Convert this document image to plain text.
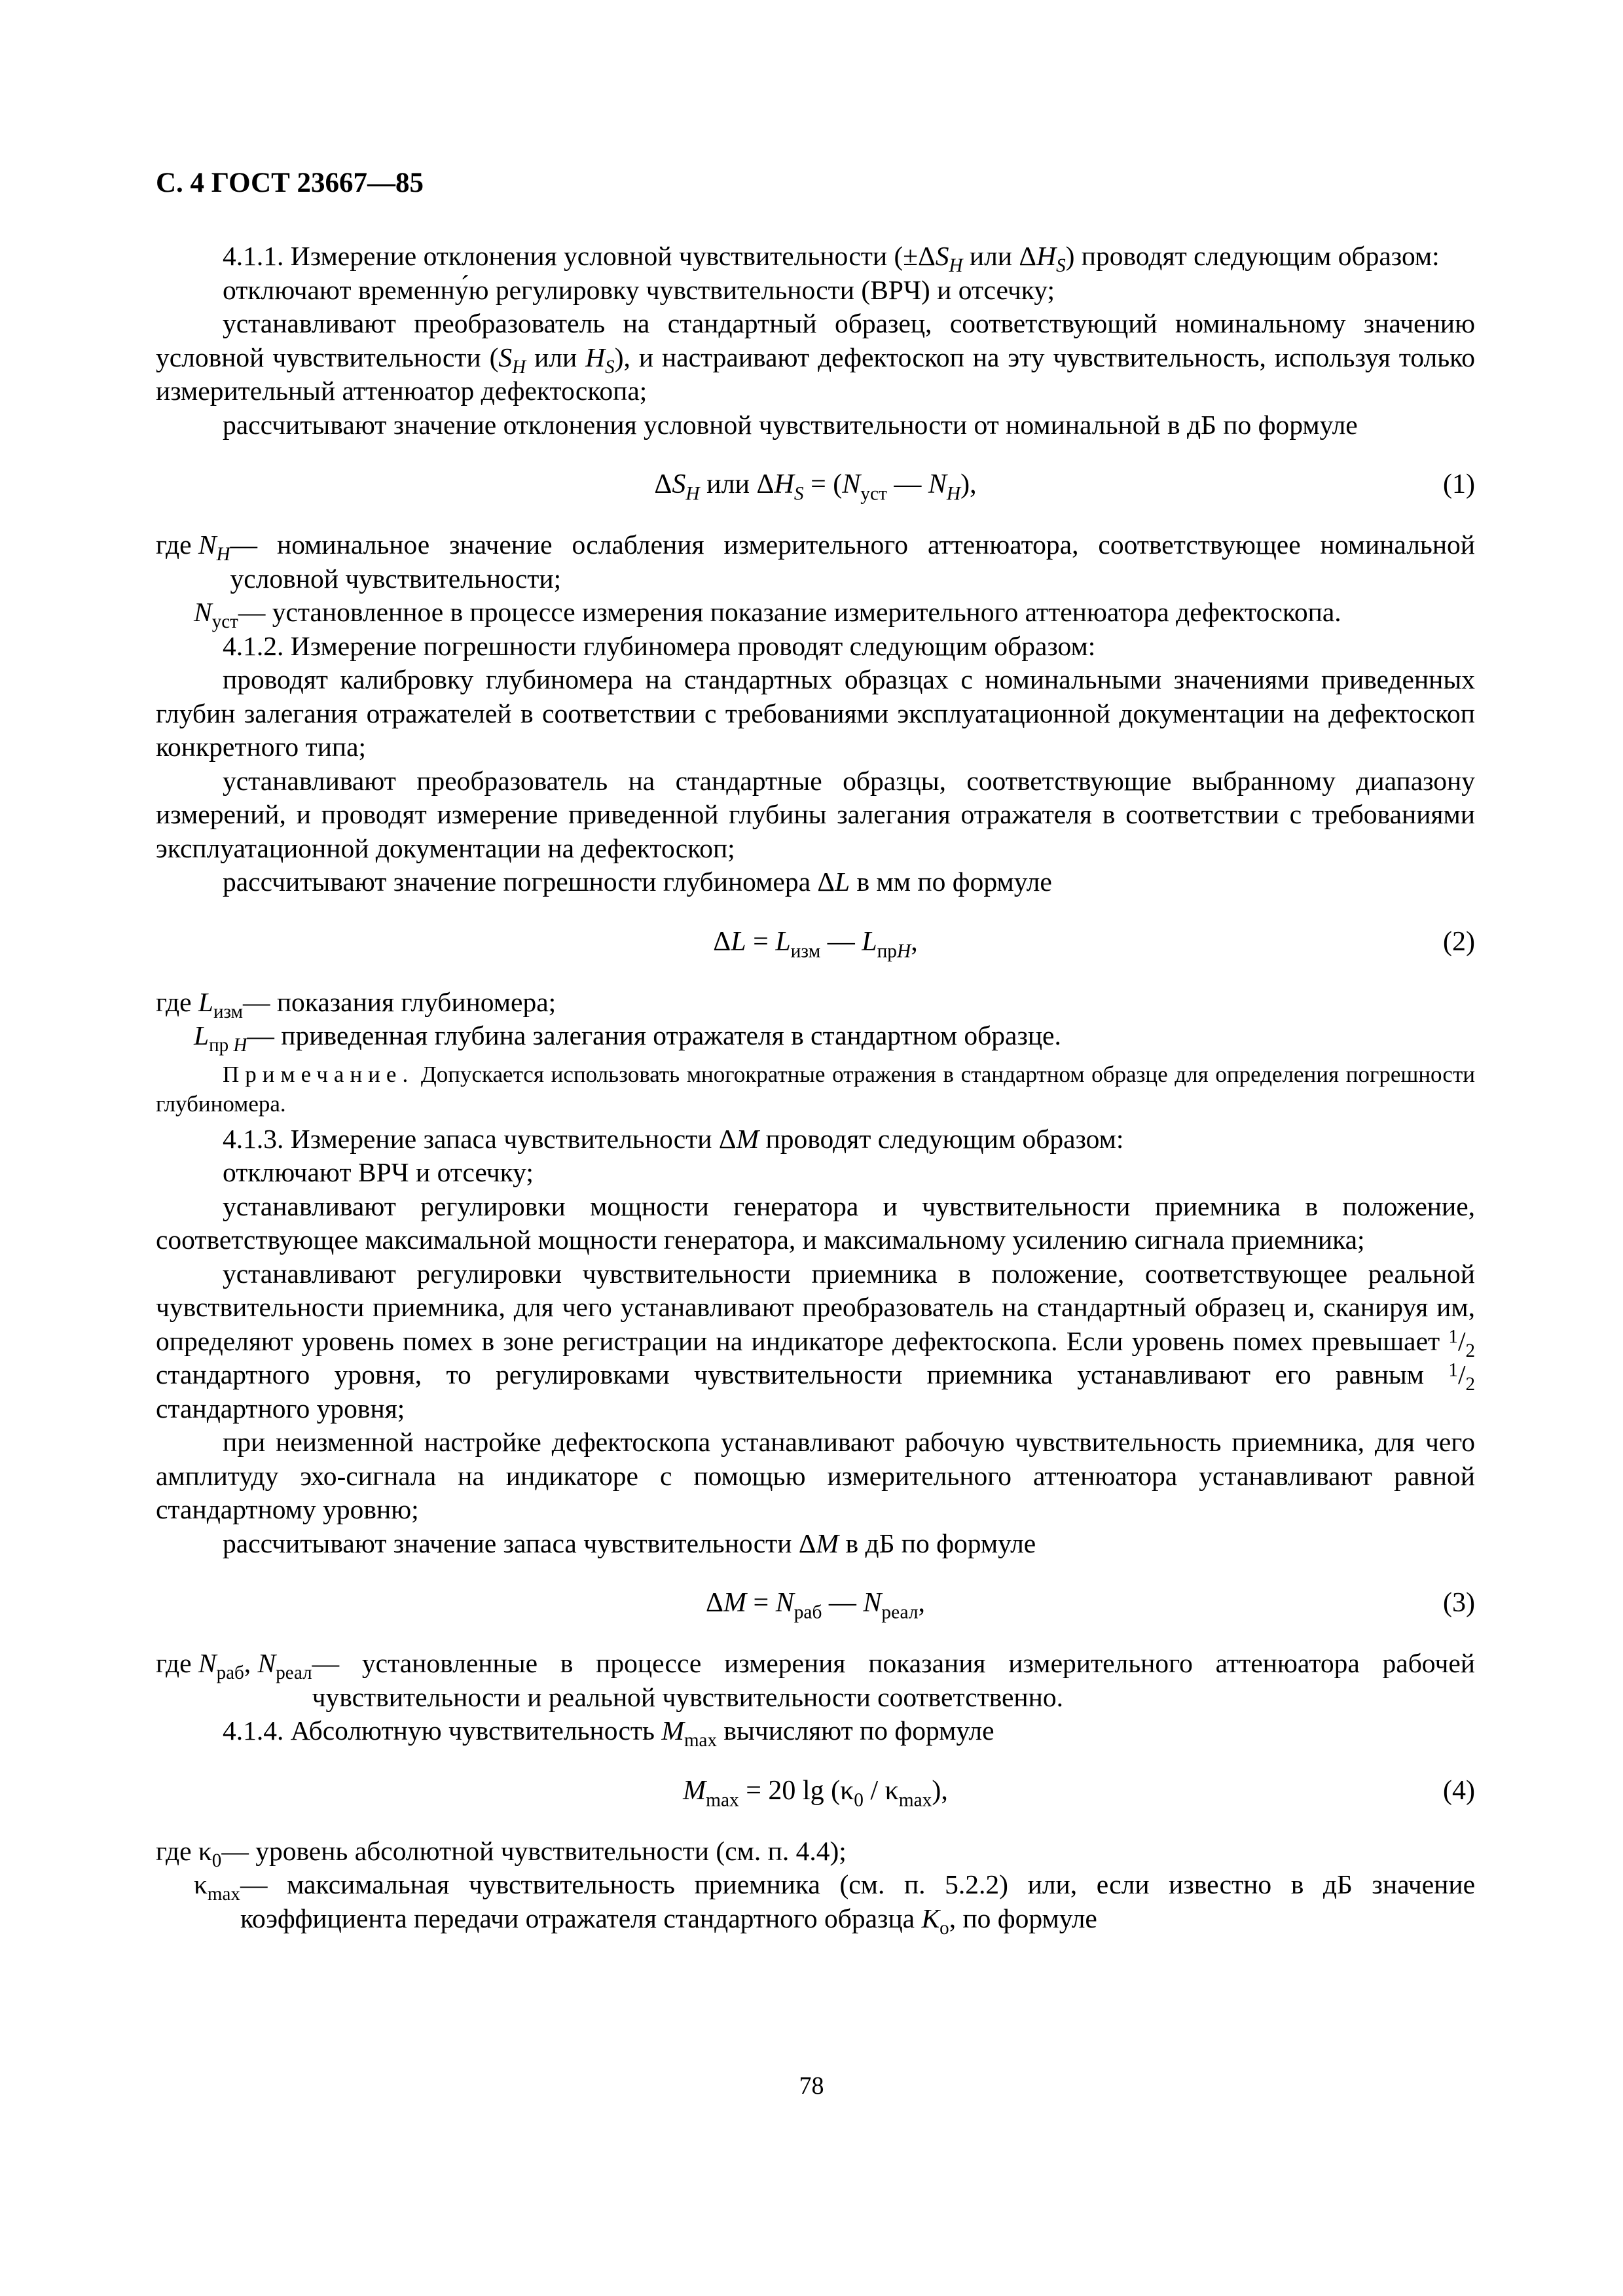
С. 4 ГОСТ 23667—85

4.1.1. Измерение отклонения условной чувствительности ($\pm\Delta S_H$ или $\Delta H_S$) проводят следующим образом:

отключают временну́ю регулировку чувствительности (ВРЧ) и отсечку;

устанавливают преобразователь на стандартный образец, соответствующий номинальному значению условной чувствительности ($S_H$ или $H_S$), и настраивают дефектоскоп на эту чувствительность, используя только измерительный аттенюатор дефектоскопа;

рассчитывают значение отклонения условной чувствительности от номинальной в дБ по формуле

$\Delta S_H$ или $\Delta H_S = (N_{уст}$ — $N_H$),	(1)
где $N_H$ — номинальное значение ослабления измерительного аттенюатора, соответствующее номинальной условной чувствительности;
$N_{уст}$ — установленное в процессе измерения показание измерительного аттенюатора дефектоскопа.

4.1.2. Измерение погрешности глубиномера проводят следующим образом:

проводят калибровку глубиномера на стандартных образцах с номинальными значениями приведенных глубин залегания отражателей в соответствии с требованиями эксплуатационной документации на дефектоскоп конкретного типа;

устанавливают преобразователь на стандартные образцы, соответствующие выбранному диапазону измерений, и проводят измерение приведенной глубины залегания отражателя в соответствии с требованиями эксплуатационной документации на дефектоскоп;

рассчитывают значение погрешности глубиномера ΔL в мм по формуле

$\Delta L = L_{изм}$ — $L_{прH}$,	(2)
где $L_{изм}$ — показания глубиномера;
$L_{пр H}$ — приведенная глубина залегания отражателя в стандартном образце.

Примечание. Допускается использовать многократные отражения в стандартном образце для определения погрешности глубиномера.

4.1.3. Измерение запаса чувствительности ΔM проводят следующим образом:

отключают ВРЧ и отсечку;

устанавливают регулировки мощности генератора и чувствительности приемника в положение, соответствующее максимальной мощности генератора, и максимальному усилению сигнала приемника;

устанавливают регулировки чувствительности приемника в положение, соответствующее реальной чувствительности приемника, для чего устанавливают преобразователь на стандартный образец и, сканируя им, определяют уровень помех в зоне регистрации на индикаторе дефектоскопа. Если уровень помех превышает $^1/_2$ стандартного уровня, то регулировками чувствительности приемника устанавливают его равным $^1/_2$ стандартного уровня;

при неизменной настройке дефектоскопа устанавливают рабочую чувствительность приемника, для чего амплитуду эхо-сигнала на индикаторе с помощью измерительного аттенюатора устанавливают равной стандартному уровню;

рассчитывают значение запаса чувствительности ΔM в дБ по формуле

$\Delta M = N_{раб}$ — $N_{реал}$,	(3)
где $N_{раб}$, $N_{реал}$ — установленные в процессе измерения показания измерительного аттенюатора рабочей чувствительности и реальной чувствительности соответственно.

4.1.4. Абсолютную чувствительность $M_{max}$ вычисляют по формуле

$M_{max} = 20$ $\lg (\kappa_0 / \kappa_{max})$,	(4)
где $\kappa_0$ — уровень абсолютной чувствительности (см. п. 4.4);
$\kappa_{max}$ — максимальная чувствительность приемника (см. п. 5.2.2) или, если известно в дБ значение коэффициента передачи отражателя стандартного образца $K_о$, по формуле
78
